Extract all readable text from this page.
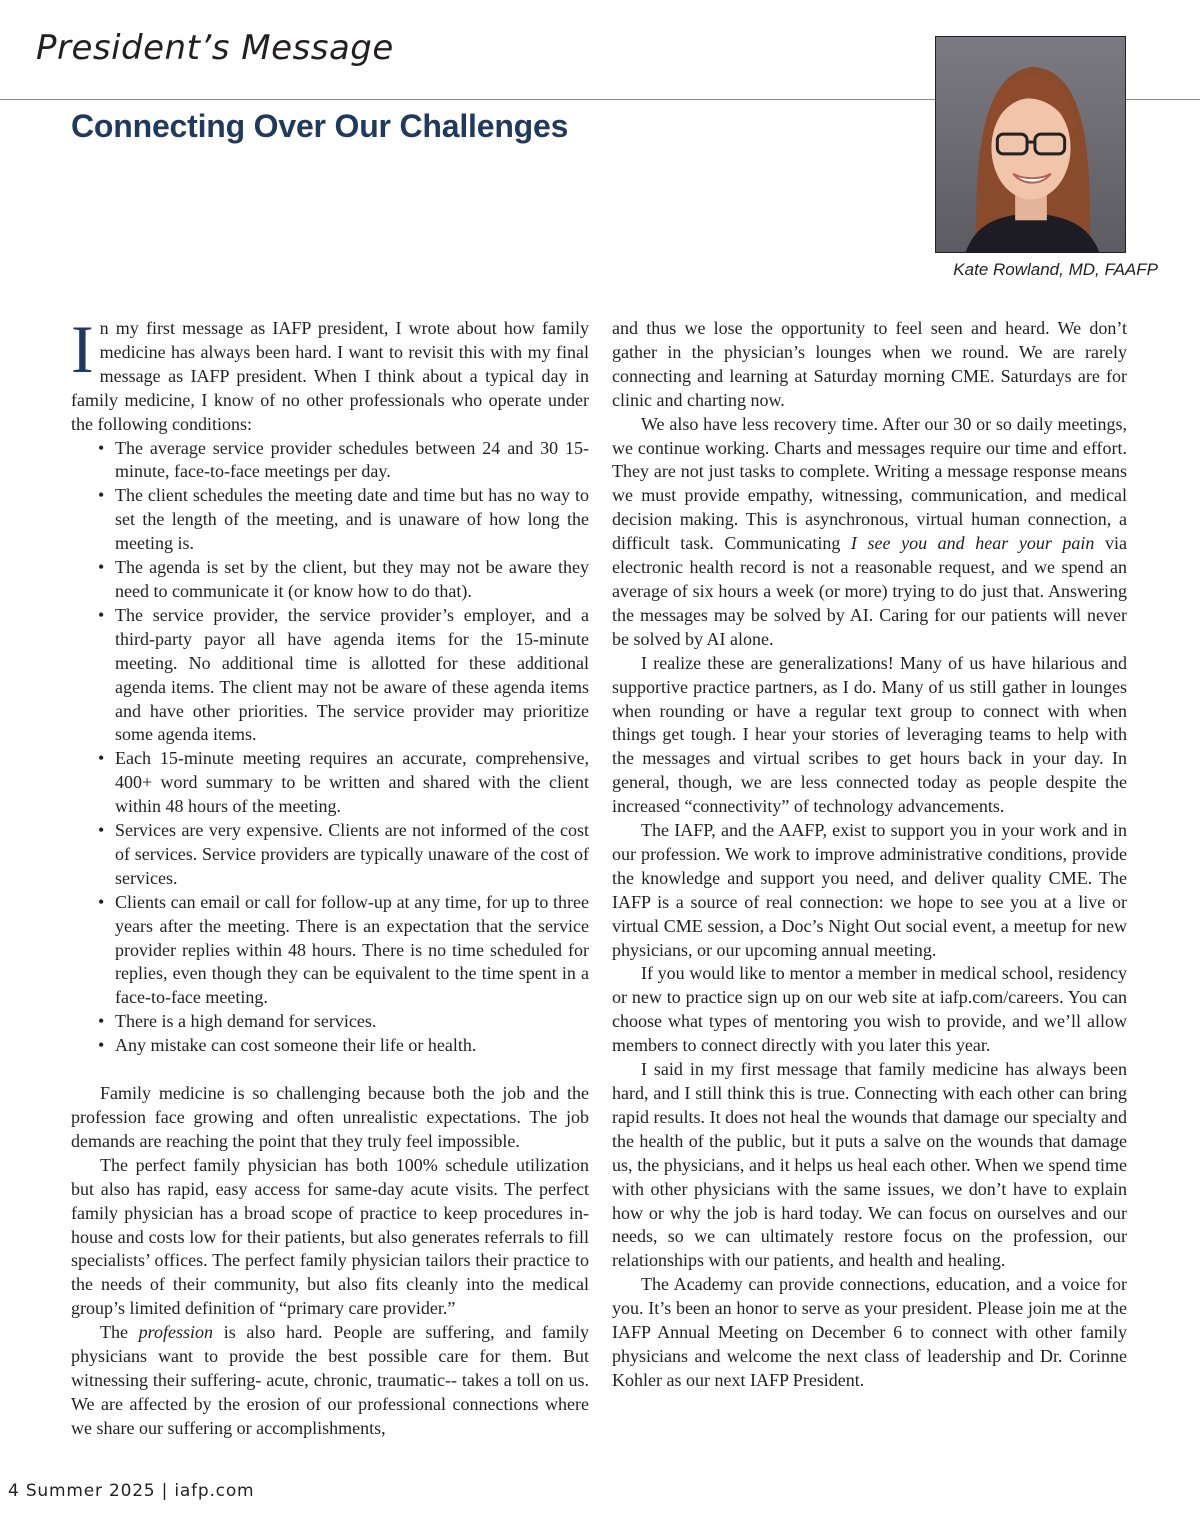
President’s Message
Connecting Over Our Challenges

Kate Rowland, MD, FAAFP

In my first message as IAFP president, I wrote about how family medicine has always been hard. I want to revisit this with my final message as IAFP president. When I think about a typical day in family medicine, I know of no other professionals who operate under the following conditions:

• The average service provider schedules between 24 and 30 15-minute, face-to-face meetings per day.
• The client schedules the meeting date and time but has no way to set the length of the meeting, and is unaware of how long the meeting is.
• The agenda is set by the client, but they may not be aware they need to communicate it (or know how to do that).
• The service provider, the service provider’s employer, and a third-party payor all have agenda items for the 15-minute meeting. No additional time is allotted for these additional agenda items. The client may not be aware of these agenda items and have other priorities. The service provider may prioritize some agenda items.
• Each 15-minute meeting requires an accurate, comprehensive, 400+ word summary to be written and shared with the client within 48 hours of the meeting.
• Services are very expensive. Clients are not informed of the cost of services. Service providers are typically unaware of the cost of services.
• Clients can email or call for follow-up at any time, for up to three years after the meeting. There is an expectation that the service provider replies within 48 hours. There is no time scheduled for replies, even though they can be equivalent to the time spent in a face-to-face meeting.
• There is a high demand for services.
• Any mistake can cost someone their life or health.

Family medicine is so challenging because both the job and the profession face growing and often unrealistic expectations. The job demands are reaching the point that they truly feel impossible.

The perfect family physician has both 100% schedule utilization but also has rapid, easy access for same-day acute visits. The perfect family physician has a broad scope of practice to keep procedures in-house and costs low for their patients, but also generates referrals to fill specialists’ offices. The perfect family physician tailors their practice to the needs of their community, but also fits cleanly into the medical group’s limited definition of “primary care provider.”

The profession is also hard. People are suffering, and family physicians want to provide the best possible care for them. But witnessing their suffering- acute, chronic, traumatic-- takes a toll on us. We are affected by the erosion of our professional connections where we share our suffering or accomplishments,

and thus we lose the opportunity to feel seen and heard. We don’t gather in the physician’s lounges when we round. We are rarely connecting and learning at Saturday morning CME. Saturdays are for clinic and charting now.

We also have less recovery time. After our 30 or so daily meetings, we continue working. Charts and messages require our time and effort. They are not just tasks to complete. Writing a message response means we must provide empathy, witnessing, communication, and medical decision making. This is asynchronous, virtual human connection, a difficult task. Communicating I see you and hear your pain via electronic health record is not a reasonable request, and we spend an average of six hours a week (or more) trying to do just that. Answering the messages may be solved by AI. Caring for our patients will never be solved by AI alone.

I realize these are generalizations! Many of us have hilarious and supportive practice partners, as I do. Many of us still gather in lounges when rounding or have a regular text group to connect with when things get tough. I hear your stories of leveraging teams to help with the messages and virtual scribes to get hours back in your day. In general, though, we are less connected today as people despite the increased “connectivity” of technology advancements.

The IAFP, and the AAFP, exist to support you in your work and in our profession. We work to improve administrative conditions, provide the knowledge and support you need, and deliver quality CME. The IAFP is a source of real connection: we hope to see you at a live or virtual CME session, a Doc’s Night Out social event, a meetup for new physicians, or our upcoming annual meeting.

If you would like to mentor a member in medical school, residency or new to practice sign up on our web site at iafp.com/careers. You can choose what types of mentoring you wish to provide, and we’ll allow members to connect directly with you later this year.

I said in my first message that family medicine has always been hard, and I still think this is true. Connecting with each other can bring rapid results. It does not heal the wounds that damage our specialty and the health of the public, but it puts a salve on the wounds that damage us, the physicians, and it helps us heal each other. When we spend time with other physicians with the same issues, we don’t have to explain how or why the job is hard today. We can focus on ourselves and our needs, so we can ultimately restore focus on the profession, our relationships with our patients, and health and healing.

The Academy can provide connections, education, and a voice for you. It’s been an honor to serve as your president. Please join me at the IAFP Annual Meeting on December 6 to connect with other family physicians and welcome the next class of leadership and Dr. Corinne Kohler as our next IAFP President.

4 Summer 2025 | iafp.com
